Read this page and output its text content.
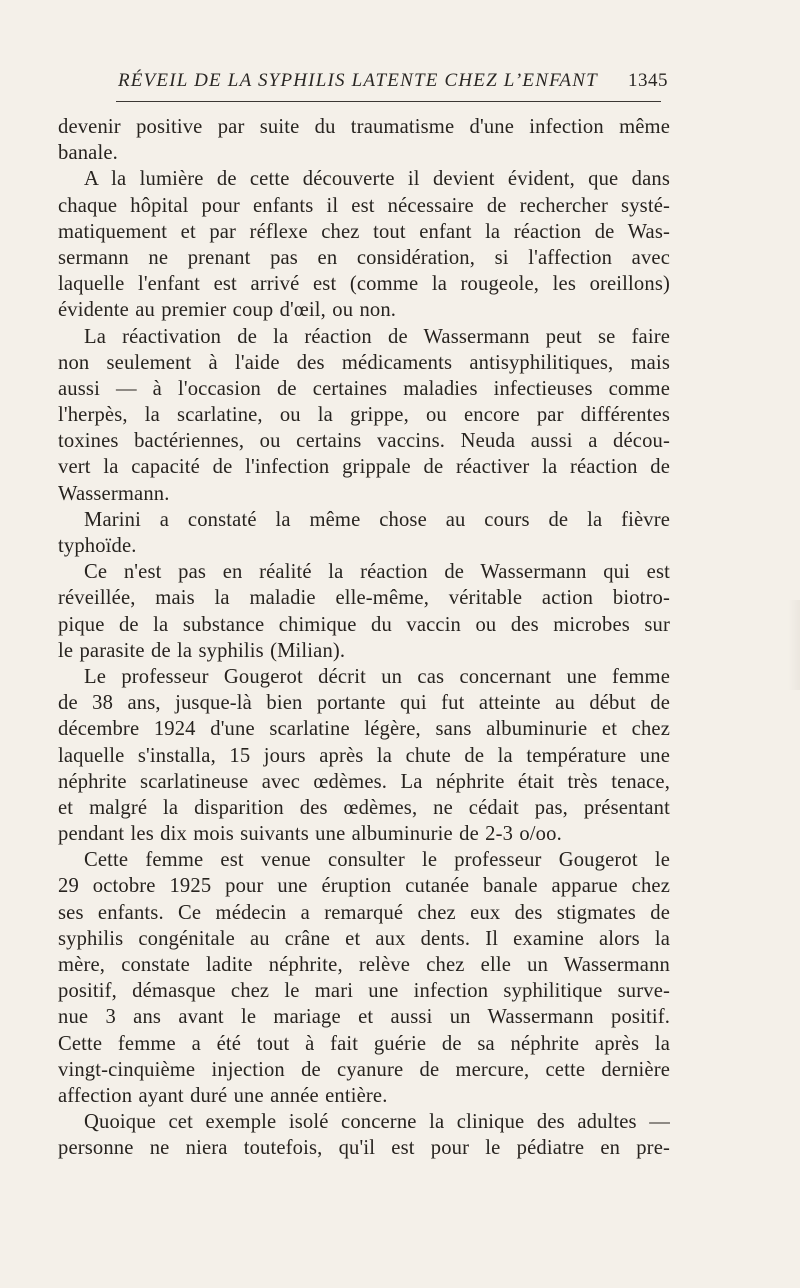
RÉVEIL DE LA SYPHILIS LATENTE CHEZ L’ENFANT 1345
devenir positive par suite du traumatisme d'une infection même
banale.
A la lumière de cette découverte il devient évident, que dans
chaque hôpital pour enfants il est nécessaire de rechercher systé-
matiquement et par réflexe chez tout enfant la réaction de Was-
sermann ne prenant pas en considération, si l'affection avec
laquelle l'enfant est arrivé est (comme la rougeole, les oreillons)
évidente au premier coup d'œil, ou non.
La réactivation de la réaction de Wassermann peut se faire
non seulement à l'aide des médicaments antisyphilitiques, mais
aussi — à l'occasion de certaines maladies infectieuses comme
l'herpès, la scarlatine, ou la grippe, ou encore par différentes
toxines bactériennes, ou certains vaccins. Neuda aussi a décou-
vert la capacité de l'infection grippale de réactiver la réaction de
Wassermann.
Marini a constaté la même chose au cours de la fièvre
typhoïde.
Ce n'est pas en réalité la réaction de Wassermann qui est
réveillée, mais la maladie elle-même, véritable action biotro-
pique de la substance chimique du vaccin ou des microbes sur
le parasite de la syphilis (Milian).
Le professeur Gougerot décrit un cas concernant une femme
de 38 ans, jusque-là bien portante qui fut atteinte au début de
décembre 1924 d'une scarlatine légère, sans albuminurie et chez
laquelle s'installa, 15 jours après la chute de la température une
néphrite scarlatineuse avec œdèmes. La néphrite était très tenace,
et malgré la disparition des œdèmes, ne cédait pas, présentant
pendant les dix mois suivants une albuminurie de 2-3 o/oo.
Cette femme est venue consulter le professeur Gougerot le
29 octobre 1925 pour une éruption cutanée banale apparue chez
ses enfants. Ce médecin a remarqué chez eux des stigmates de
syphilis congénitale au crâne et aux dents. Il examine alors la
mère, constate ladite néphrite, relève chez elle un Wassermann
positif, démasque chez le mari une infection syphilitique surve-
nue 3 ans avant le mariage et aussi un Wassermann positif.
Cette femme a été tout à fait guérie de sa néphrite après la
vingt-cinquième injection de cyanure de mercure, cette dernière
affection ayant duré une année entière.
Quoique cet exemple isolé concerne la clinique des adultes —
personne ne niera toutefois, qu'il est pour le pédiatre en pre-
